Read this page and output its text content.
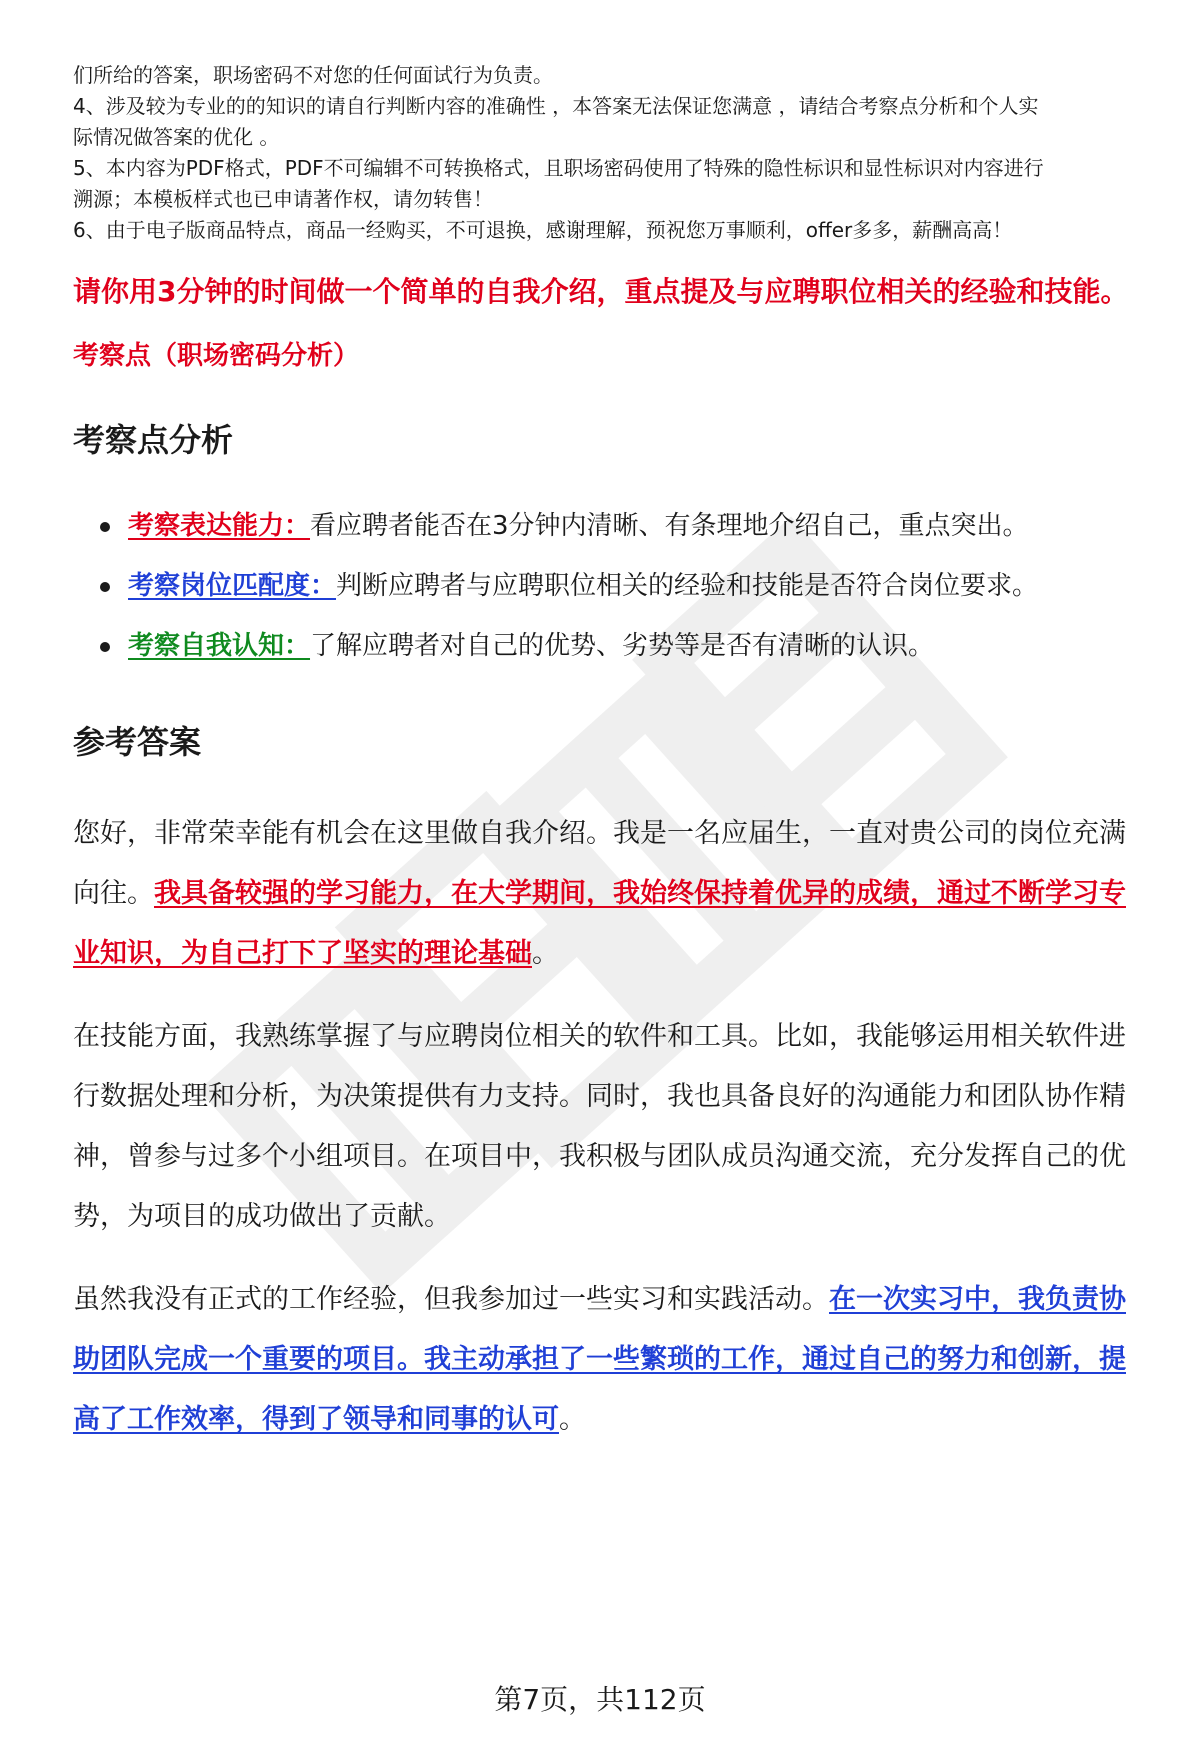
们所给的答案，职场密码不对您的任何面试行为负责。

4、涉及较为专业的的知识的请自行判断内容的准确性 ，本答案无法保证您满意 ，请结合考察点分析和个人实

际情况做答案的优化 。

5、本内容为PDF格式，PDF不可编辑不可转换格式，且职场密码使用了特殊的隐性标识和显性标识对内容进行

溯源；本模板样式也已申请著作权，请勿转售！

6、由于电子版商品特点，商品一经购买，不可退换，感谢理解，预祝您万事顺利，offer多多，薪酬高高！

请你用3分钟的时间做一个简单的自我介绍，重点提及与应聘职位相关的经验和技能。
考察点（职场密码分析）
考察点分析
考察表达能力：看应聘者能否在3分钟内清晰、有条理地介绍自己，重点突出。
考察岗位匹配度：判断应聘者与应聘职位相关的经验和技能是否符合岗位要求。
考察自我认知：了解应聘者对自己的优势、劣势等是否有清晰的认识。
参考答案

您好，非常荣幸能有机会在这里做自我介绍。我是一名应届生，一直对贵公司的岗位充满向往。我具备较强的学习能力，在大学期间，我始终保持着优异的成绩，通过不断学习专业知识，为自己打下了坚实的理论基础。

在技能方面，我熟练掌握了与应聘岗位相关的软件和工具。比如，我能够运用相关软件进行数据处理和分析，为决策提供有力支持。同时，我也具备良好的沟通能力和团队协作精神，曾参与过多个小组项目。在项目中，我积极与团队成员沟通交流，充分发挥自己的优势，为项目的成功做出了贡献。

虽然我没有正式的工作经验，但我参加过一些实习和实践活动。在一次实习中，我负责协助团队完成一个重要的项目。我主动承担了一些繁琐的工作，通过自己的努力和创新，提高了工作效率，得到了领导和同事的认可。

第7页，共112页
